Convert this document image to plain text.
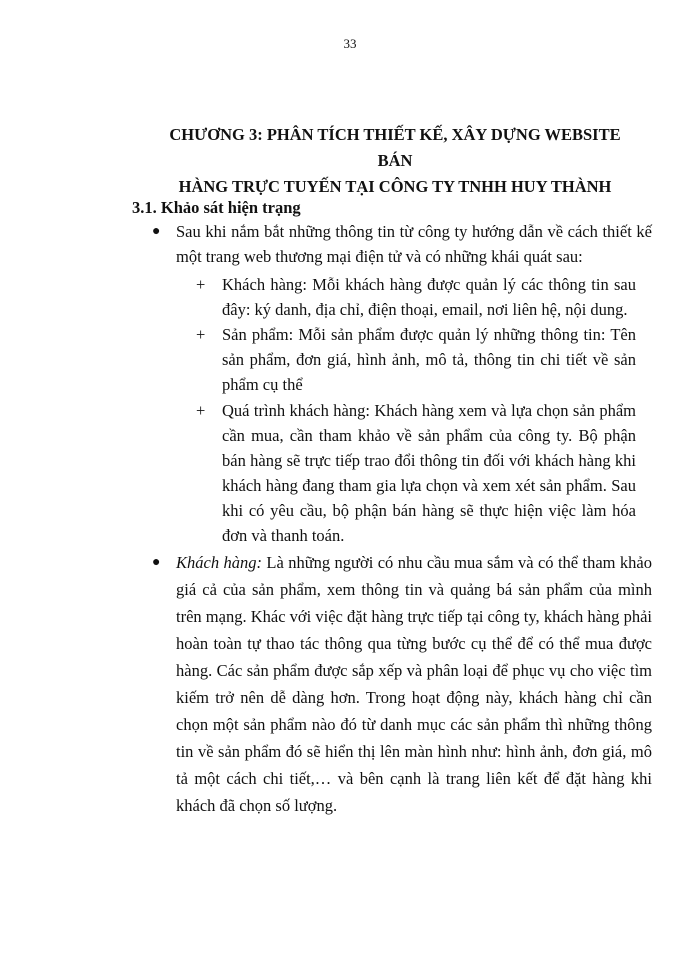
33
CHƯƠNG 3: PHÂN TÍCH THIẾT KẾ, XÂY DỰNG WEBSITE BÁN
HÀNG TRỰC TUYẾN TẠI CÔNG TY TNHH HUY THÀNH
3.1. Khảo sát hiện trạng
● Sau khi nắm bắt những thông tin từ công ty hướng dẫn về cách thiết kế một trang web thương mại điện tử và có những khái quát sau:
+	Khách hàng: Mỗi khách hàng được quản lý các thông tin sau đây: ký danh, địa chỉ, điện thoại, email, nơi liên hệ, nội dung.
+	Sản phẩm: Mỗi sản phẩm được quản lý những thông tin: Tên sản phẩm, đơn giá, hình ảnh, mô tả, thông tin chi tiết về sản phẩm cụ thể
+	Quá trình khách hàng: Khách hàng xem và lựa chọn sản phẩm cần mua, cần tham khảo về sản phẩm của công ty. Bộ phận bán hàng sẽ trực tiếp trao đổi thông tin đối với khách hàng khi khách hàng đang tham gia lựa chọn và xem xét sản phẩm. Sau khi có yêu cầu, bộ phận bán hàng sẽ thực hiện việc làm hóa đơn và thanh toán.
● Khách hàng: Là những người có nhu cầu mua sắm và có thể tham khảo giá cả của sản phẩm, xem thông tin và quảng bá sản phẩm của mình trên mạng. Khác với việc đặt hàng trực tiếp tại công ty, khách hàng phải hoàn toàn tự thao tác thông qua từng bước cụ thể để có thể mua được hàng. Các sản phẩm được sắp xếp và phân loại để phục vụ cho việc tìm kiếm trở nên dễ dàng hơn. Trong hoạt động này, khách hàng chỉ cần chọn một sản phẩm nào đó từ danh mục các sản phẩm thì những thông tin về sản phẩm đó sẽ hiển thị lên màn hình như: hình ảnh, đơn giá, mô tả một cách chi tiết,… và bên cạnh là trang liên kết để đặt hàng khi khách đã chọn số lượng.
